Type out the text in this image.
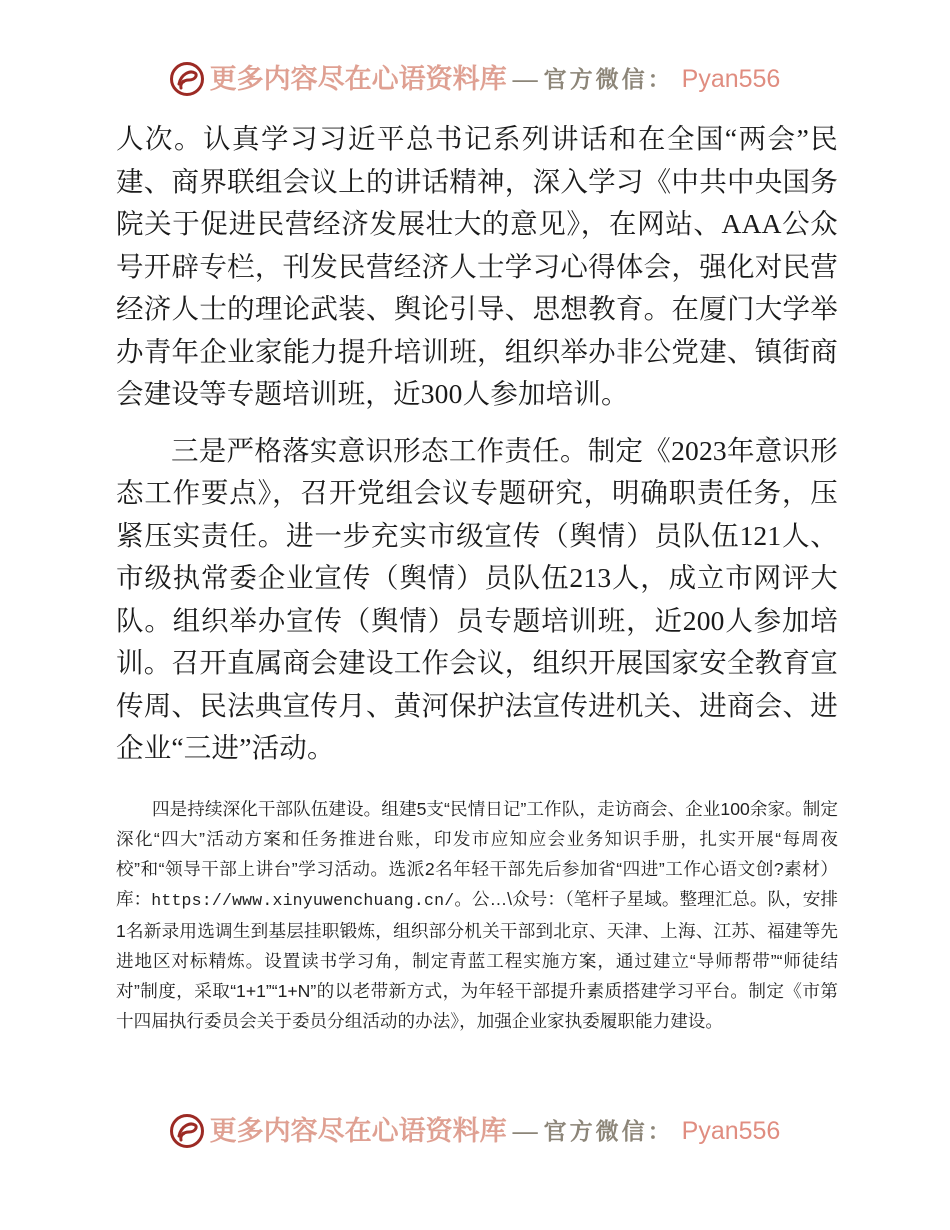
更多内容尽在心语资料库 — 官方微信： Pyan556

人次。认真学习习近平总书记系列讲话和在全国“两会”民建、商界联组会议上的讲话精神，深入学习《中共中央国务院关于促进民营经济发展壮大的意见》，在网站、AAA公众号开辟专栏，刊发民营经济人士学习心得体会，强化对民营经济人士的理论武装、舆论引导、思想教育。在厦门大学举办青年企业家能力提升培训班，组织举办非公党建、镇街商会建设等专题培训班，近300人参加培训。

三是严格落实意识形态工作责任。制定《2023年意识形态工作要点》，召开党组会议专题研究，明确职责任务，压紧压实责任。进一步充实市级宣传（舆情）员队伍121人、市级执常委企业宣传（舆情）员队伍213人，成立市网评大队。组织举办宣传（舆情）员专题培训班，近200人参加培训。召开直属商会建设工作会议，组织开展国家安全教育宣传周、民法典宣传月、黄河保护法宣传进机关、进商会、进企业“三进”活动。

四是持续深化干部队伍建设。组建5支“民情日记”工作队，走访商会、企业100余家。制定深化“四大”活动方案和任务推进台账，印发市应知应会业务知识手册，扎实开展“每周夜校”和“领导干部上讲台”学习活动。选派2名年轻干部先后参加省“四进”工作心语文创?素材）库：https://www.xinyuwenchuang.cn/。公…\众号：（笔杆子星域。整理汇总。队，安排1名新录用选调生到基层挂职锻炼，组织部分机关干部到北京、天津、上海、江苏、福建等先进地区对标精炼。设置读书学习角，制定青蓝工程实施方案，通过建立“导师帮带”“师徒结对”制度，采取“1+1”“1+N”的以老带新方式，为年轻干部提升素质搭建学习平台。制定《市第十四届执行委员会关于委员分组活动的办法》，加强企业家执委履职能力建设。

更多内容尽在心语资料库 — 官方微信： Pyan556
